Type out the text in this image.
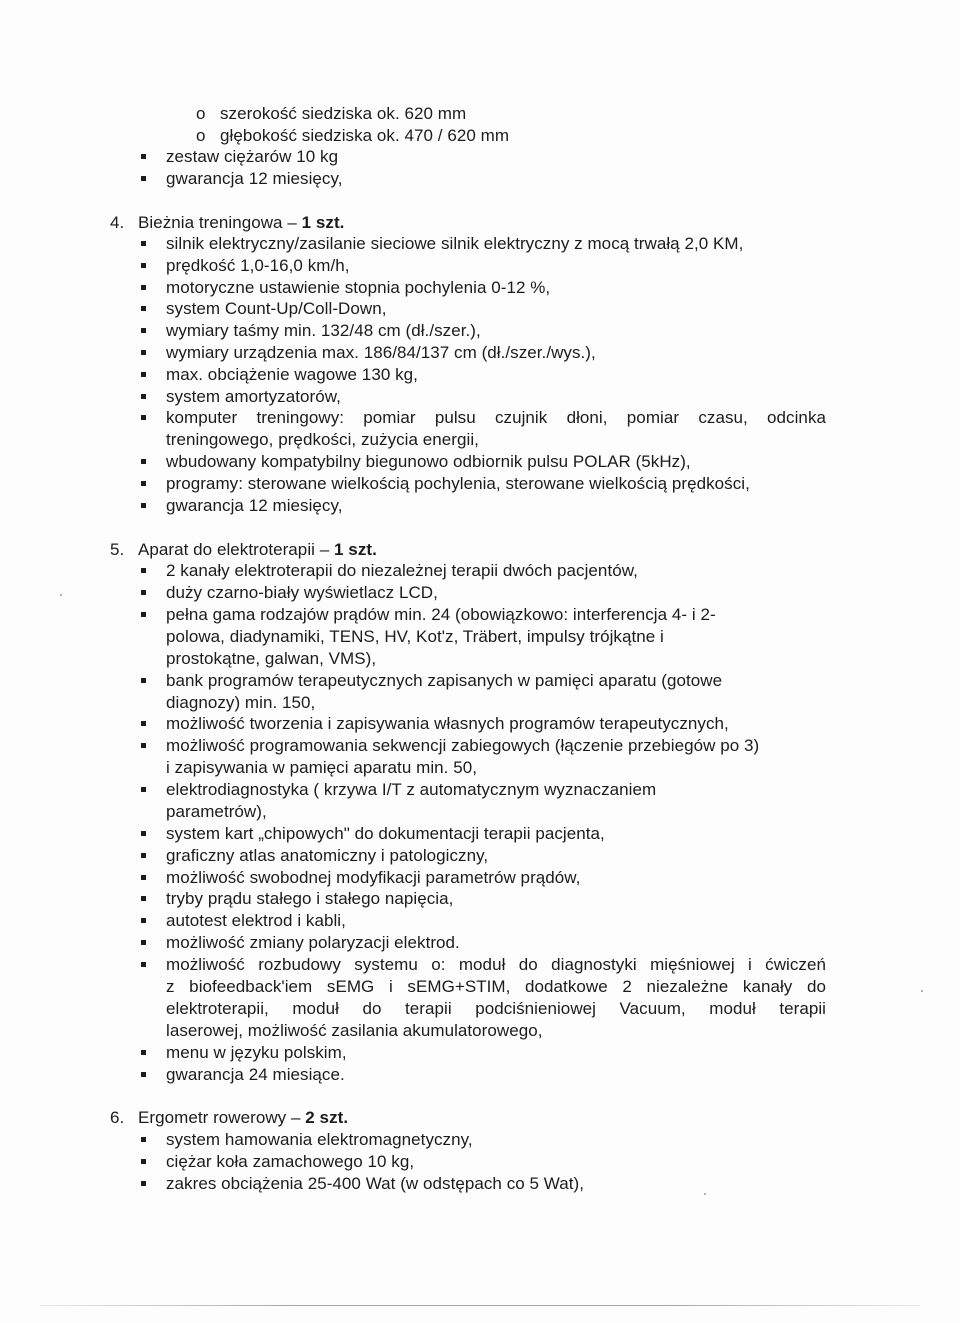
o szerokość siedziska ok. 620 mm
o głębokość siedziska ok. 470 / 620 mm
zestaw ciężarów 10 kg
gwarancja 12 miesięcy,
4. Bieżnia treningowa – 1 szt.
silnik elektryczny/zasilanie sieciowe silnik elektryczny z mocą trwałą 2,0 KM,
prędkość 1,0-16,0 km/h,
motoryczne ustawienie stopnia pochylenia 0-12 %,
system Count-Up/Coll-Down,
wymiary taśmy min. 132/48 cm (dł./szer.),
wymiary urządzenia max. 186/84/137 cm (dł./szer./wys.),
max. obciążenie wagowe 130 kg,
system amortyzatorów,
komputer treningowy: pomiar pulsu czujnik dłoni, pomiar czasu, odcinka
treningowego, prędkości, zużycia energii,
wbudowany kompatybilny biegunowo odbiornik pulsu POLAR (5kHz),
programy: sterowane wielkością pochylenia, sterowane wielkością prędkości,
gwarancja 12 miesięcy,
5. Aparat do elektroterapii – 1 szt.
2 kanały elektroterapii do niezależnej terapii dwóch pacjentów,
duży czarno-biały wyświetlacz LCD,
pełna gama rodzajów prądów min. 24 (obowiązkowo: interferencja 4- i 2-
polowa, diadynamiki, TENS, HV, Kot'z, Träbert, impulsy trójkątne i
prostokątne, galwan, VMS),
bank programów terapeutycznych zapisanych w pamięci aparatu (gotowe
diagnozy) min. 150,
możliwość tworzenia i zapisywania własnych programów terapeutycznych,
możliwość programowania sekwencji zabiegowych (łączenie przebiegów po 3)
i zapisywania w pamięci aparatu min. 50,
elektrodiagnostyka ( krzywa I/T z automatycznym wyznaczaniem
parametrów),
system kart „chipowych" do dokumentacji terapii pacjenta,
graficzny atlas anatomiczny i patologiczny,
możliwość swobodnej modyfikacji parametrów prądów,
tryby prądu stałego i stałego napięcia,
autotest elektrod i kabli,
możliwość zmiany polaryzacji elektrod.
możliwość rozbudowy systemu o: moduł do diagnostyki mięśniowej i ćwiczeń
z biofeedback'iem sEMG i sEMG+STIM, dodatkowe 2 niezależne kanały do
elektroterapii, moduł do terapii podciśnieniowej Vacuum, moduł terapii
laserowej, możliwość zasilania akumulatorowego,
menu w języku polskim,
gwarancja 24 miesiące.
6. Ergometr rowerowy – 2 szt.
system hamowania elektromagnetyczny,
ciężar koła zamachowego 10 kg,
zakres obciążenia 25-400 Wat (w odstępach co 5 Wat),
